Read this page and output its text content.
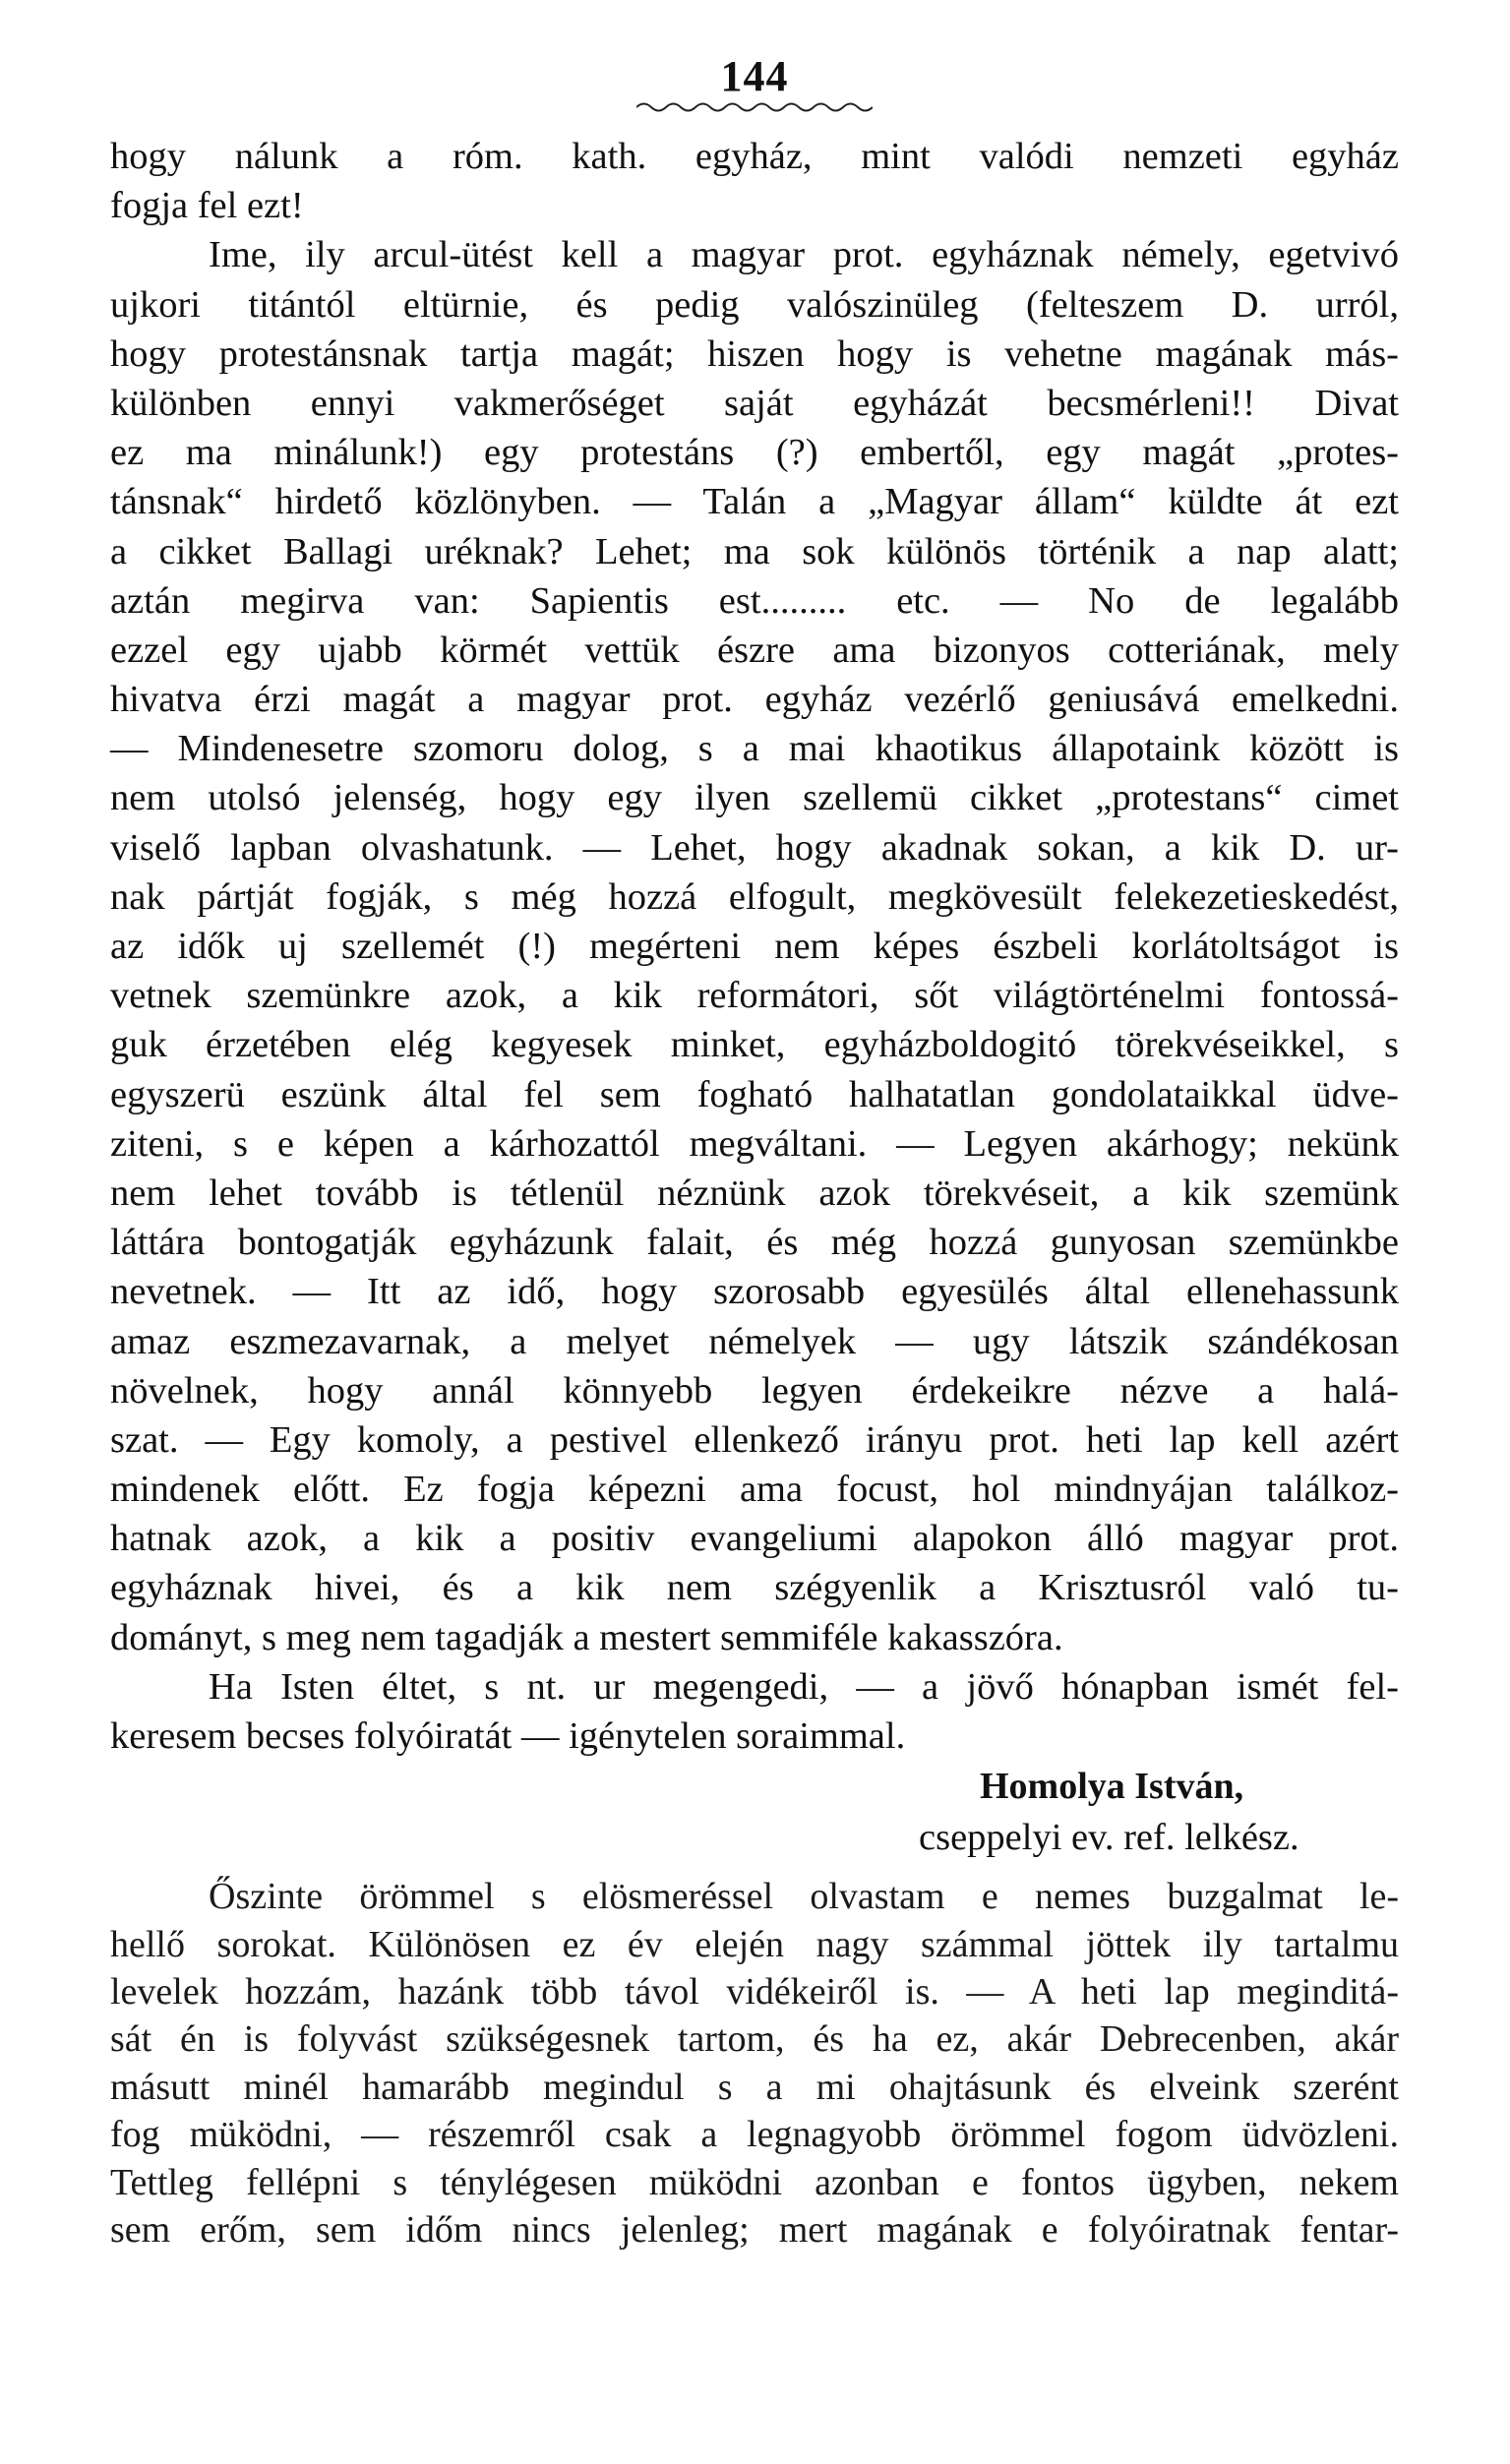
144
hogy nálunk a róm. kath. egyház, mint valódi nemzeti egyház
fogja fel ezt!
Ime, ily arcul-ütést kell a magyar prot. egyháznak némely, egetvivó
ujkori titántól eltürnie, és pedig valószinüleg (felteszem D. urról,
hogy protestánsnak tartja magát; hiszen hogy is vehetne magának más-
különben ennyi vakmerőséget saját egyházát becsmérleni!! Divat
ez ma minálunk!) egy protestáns (?) embertől, egy magát „protes-
tánsnak“ hirdető közlönyben. — Talán a „Magyar állam“ küldte át ezt
a cikket Ballagi uréknak? Lehet; ma sok különös történik a nap alatt;
aztán megirva van: Sapientis est......... etc. — No de legalább
ezzel egy ujabb körmét vettük észre ama bizonyos cotteriának, mely
hivatva érzi magát a magyar prot. egyház vezérlő geniusává emelkedni.
— Mindenesetre szomoru dolog, s a mai khaotikus állapotaink között is
nem utolsó jelenség, hogy egy ilyen szellemü cikket „protestans“ cimet
viselő lapban olvashatunk. — Lehet, hogy akadnak sokan, a kik D. ur-
nak pártját fogják, s még hozzá elfogult, megkövesült felekezetieskedést,
az idők uj szellemét (!) megérteni nem képes észbeli korlátoltságot is
vetnek szemünkre azok, a kik reformátori, sőt világtörténelmi fontossá-
guk érzetében elég kegyesek minket, egyházboldogitó törekvéseikkel, s
egyszerü eszünk által fel sem fogható halhatatlan gondolataikkal üdve-
ziteni, s e képen a kárhozattól megváltani. — Legyen akárhogy; nekünk
nem lehet tovább is tétlenül néznünk azok törekvéseit, a kik szemünk
láttára bontogatják egyházunk falait, és még hozzá gunyosan szemünkbe
nevetnek. — Itt az idő, hogy szorosabb egyesülés által ellenehassunk
amaz eszmezavarnak, a melyet némelyek — ugy látszik szándékosan
növelnek, hogy annál könnyebb legyen érdekeikre nézve a halá-
szat. — Egy komoly, a pestivel ellenkező irányu prot. heti lap kell azért
mindenek előtt. Ez fogja képezni ama focust, hol mindnyájan találkoz-
hatnak azok, a kik a positiv evangeliumi alapokon álló magyar prot.
egyháznak hivei, és a kik nem szégyenlik a Krisztusról való tu-
dományt, s meg nem tagadják a mestert semmiféle kakasszóra.
Ha Isten éltet, s nt. ur megengedi, — a jövő hónapban ismét fel-
keresem becses folyóiratát — igénytelen soraimmal.
Homolya István,
cseppelyi ev. ref. lelkész.
Őszinte örömmel s elösmeréssel olvastam e nemes buzgalmat le-
hellő sorokat. Különösen ez év elején nagy számmal jöttek ily tartalmu
levelek hozzám, hazánk több távol vidékeiről is. — A heti lap meginditá-
sát én is folyvást szükségesnek tartom, és ha ez, akár Debrecenben, akár
másutt minél hamarább megindul s a mi ohajtásunk és elveink szerént
fog müködni, — részemről csak a legnagyobb örömmel fogom üdvözleni.
Tettleg fellépni s ténylégesen müködni azonban e fontos ügyben, nekem
sem erőm, sem időm nincs jelenleg; mert magának e folyóiratnak fentar-
